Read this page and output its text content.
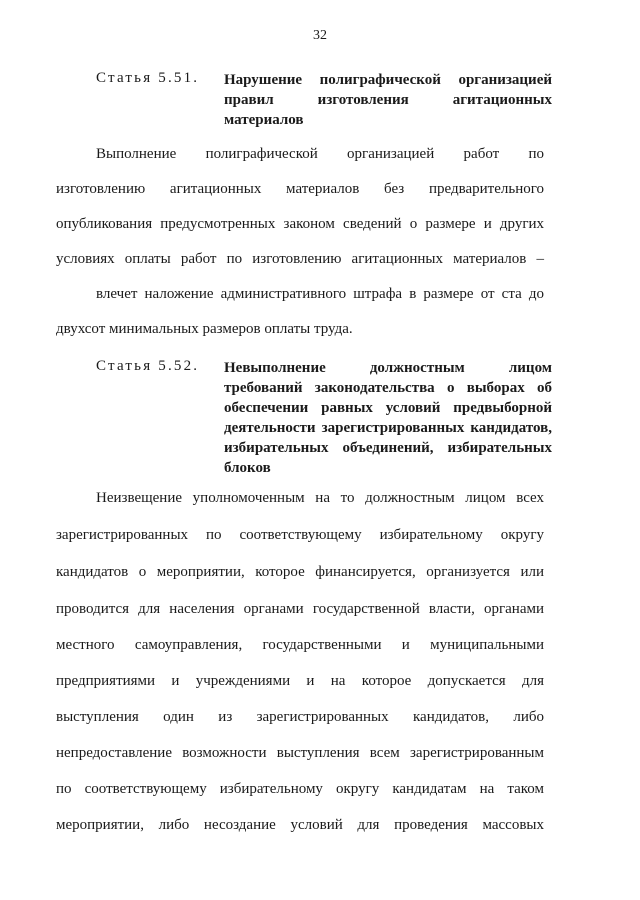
32
Статья 5.51. Нарушение полиграфической организацией правил изготовления агитационных материалов
Выполнение полиграфической организацией работ по
изготовлению агитационных материалов без предварительного
опубликования предусмотренных законом сведений о размере и других
условиях оплаты работ по изготовлению агитационных материалов –
влечет наложение административного штрафа в размере от ста до
двухсот минимальных размеров оплаты труда.
Статья 5.52. Невыполнение должностным лицом требований законодательства о выборах об обеспечении равных условий предвыборной деятельности зарегистрированных кандидатов, избирательных объединений, избирательных блоков
Неизвещение уполномоченным на то должностным лицом всех
зарегистрированных по соответствующему избирательному округу
кандидатов о мероприятии, которое финансируется, организуется или
проводится для населения органами государственной власти, органами
местного самоуправления, государственными и муниципальными
предприятиями и учреждениями и на которое допускается для
выступления один из зарегистрированных кандидатов, либо
непредоставление возможности выступления всем зарегистрированным
по соответствующему избирательному округу кандидатам на таком
мероприятии, либо несоздание условий для проведения массовых
